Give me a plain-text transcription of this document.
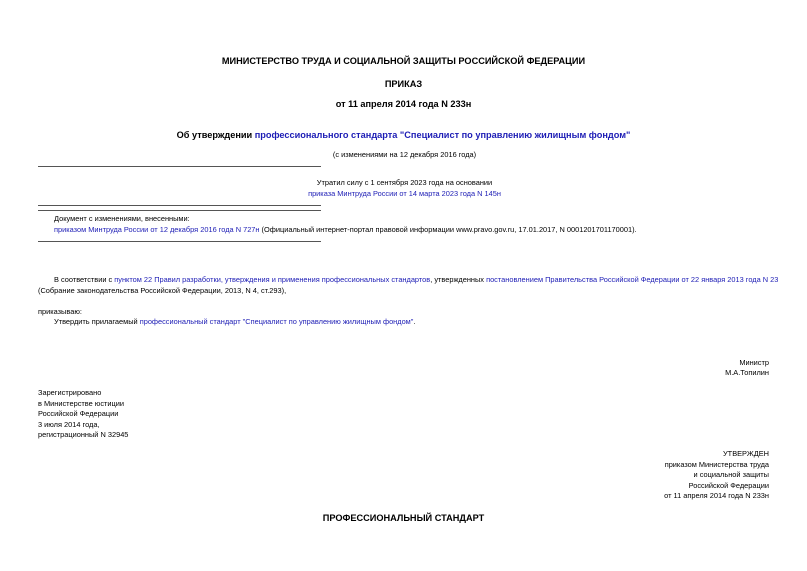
МИНИСТЕРСТВО ТРУДА И СОЦИАЛЬНОЙ ЗАЩИТЫ РОССИЙСКОЙ ФЕДЕРАЦИИ
ПРИКАЗ
от 11 апреля 2014 года N 233н
Об утверждении профессионального стандарта "Специалист по управлению жилищным фондом"
(с изменениями на 12 декабря 2016 года)
Утратил силу с 1 сентября 2023 года на основании
приказа Минтруда России от 14 марта 2023 года N 145н
Документ с изменениями, внесенными:
приказом Минтруда России от 12 декабря 2016 года N 727н (Официальный интернет-портал правовой информации www.pravo.gov.ru, 17.01.2017, N 0001201701170001).
В соответствии с пунктом 22 Правил разработки, утверждения и применения профессиональных стандартов, утвержденных постановлением Правительства Российской Федерации от 22 января 2013 года N 23
(Собрание законодательства Российской Федерации, 2013, N 4, ст.293),
приказываю:
Утвердить прилагаемый профессиональный стандарт "Специалист по управлению жилищным фондом".
Министр
М.А.Топилин
Зарегистрировано
в Министерстве юстиции
Российской Федерации
3 июля 2014 года,
регистрационный N 32945
УТВЕРЖДЕН
приказом Министерства труда
и социальной защиты
Российской Федерации
от 11 апреля 2014 года N 233н
ПРОФЕССИОНАЛЬНЫЙ СТАНДАРТ
